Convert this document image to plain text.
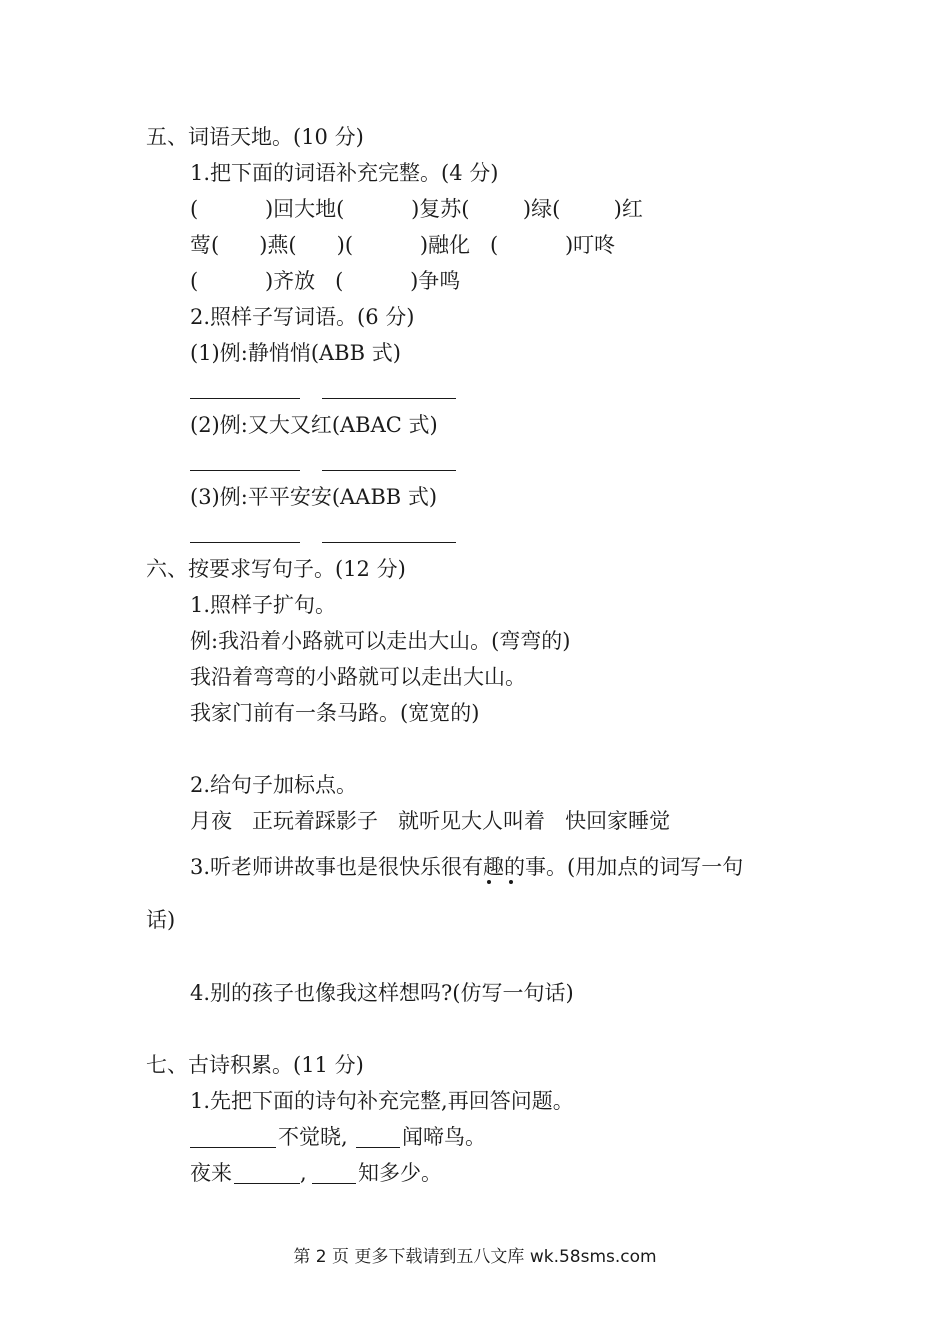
五、词语天地。(10 分)
1.把下面的词语补充完整。(4 分)
(          )回大地(          )复苏(        )绿(        )红
莺(      )燕(      )(          )融化   (          )叮咚
(          )齐放   (          )争鸣
2.照样子写词语。(6 分)
(1)例:静悄悄(ABB 式)
(2)例:又大又红(ABAC 式)
(3)例:平平安安(AABB 式)
六、按要求写句子。(12 分)
1.照样子扩句。
例:我沿着小路就可以走出大山。(弯弯的)
我沿着弯弯的小路就可以走出大山。
我家门前有一条马路。(宽宽的)
2.给句子加标点。
月夜   正玩着踩影子   就听见大人叫着   快回家睡觉
3.听老师讲故事也是很快乐很有趣的事。(用加点的词写一句
话)
4.别的孩子也像我这样想吗?(仿写一句话)
七、古诗积累。(11 分)
1.先把下面的诗句补充完整,再回答问题。
不觉晓,	闻啼鸟。
夜来	, 知多少。
第 2 页 更多下载请到五八文库 wk.58sms.com
